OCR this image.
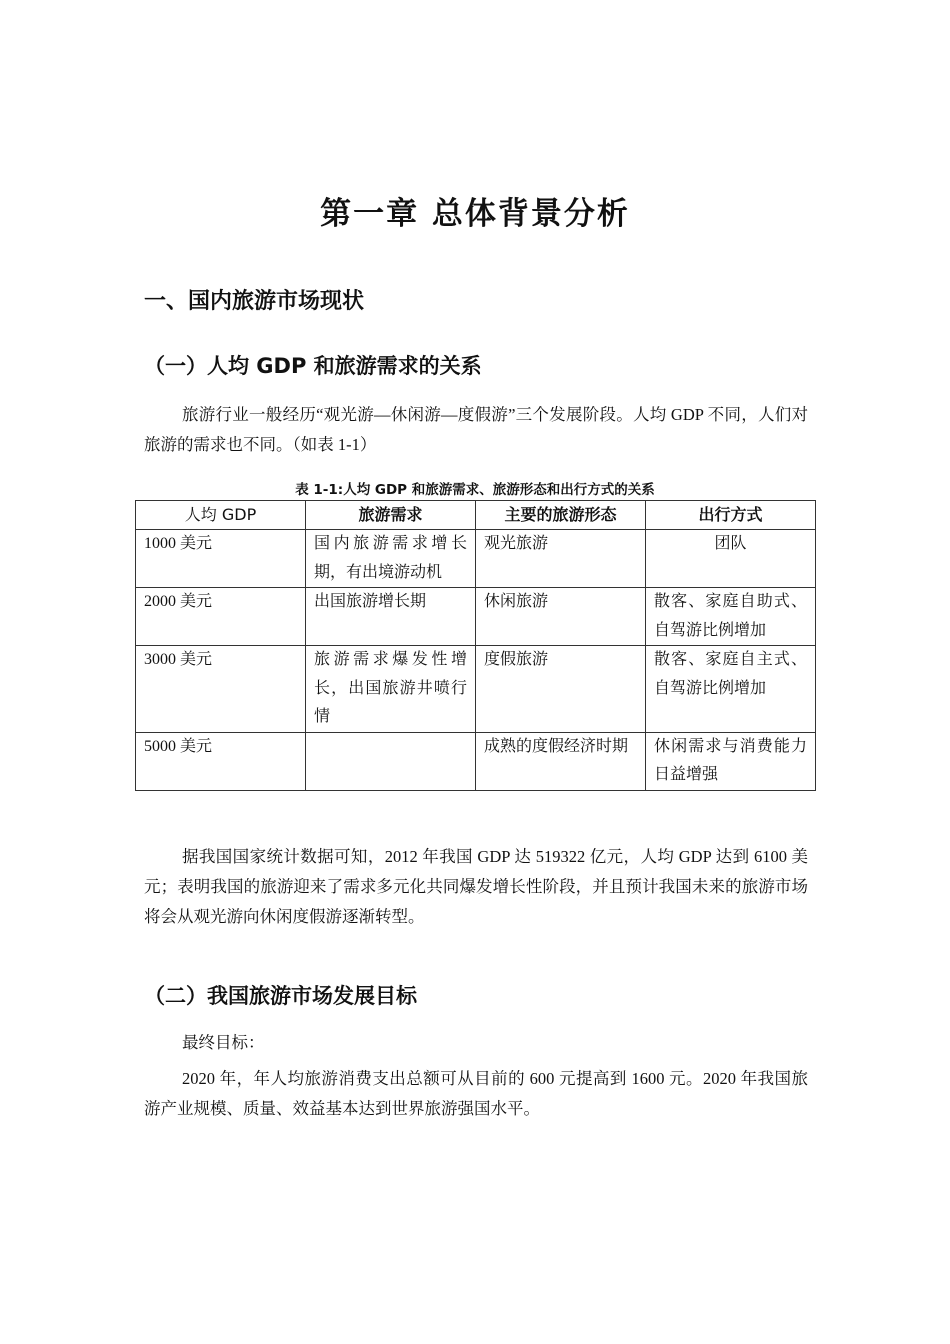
第一章 总体背景分析
一、国内旅游市场现状
（一）人均 GDP 和旅游需求的关系
旅游行业一般经历“观光游—休闲游—度假游”三个发展阶段。人均 GDP 不同，人们对旅游的需求也不同。（如表 1-1）
表 1-1:人均 GDP 和旅游需求、旅游形态和出行方式的关系
人均 GDP	旅游需求	主要的旅游形态	出行方式
1000 美元	国内旅游需求增长期，有出境游动机	观光旅游	团队
2000 美元	出国旅游增长期	休闲旅游	散客、家庭自助式、自驾游比例增加
3000 美元	旅游需求爆发性增长，出国旅游井喷行情	度假旅游	散客、家庭自主式、自驾游比例增加
5000 美元		成熟的度假经济时期	休闲需求与消费能力日益增强
据我国国家统计数据可知，2012 年我国 GDP 达 519322 亿元，人均 GDP 达到 6100 美元；表明我国的旅游迎来了需求多元化共同爆发增长性阶段，并且预计我国未来的旅游市场将会从观光游向休闲度假游逐渐转型。
（二）我国旅游市场发展目标
最终目标：
2020 年，年人均旅游消费支出总额可从目前的 600 元提高到 1600 元。2020 年我国旅游产业规模、质量、效益基本达到世界旅游强国水平。
